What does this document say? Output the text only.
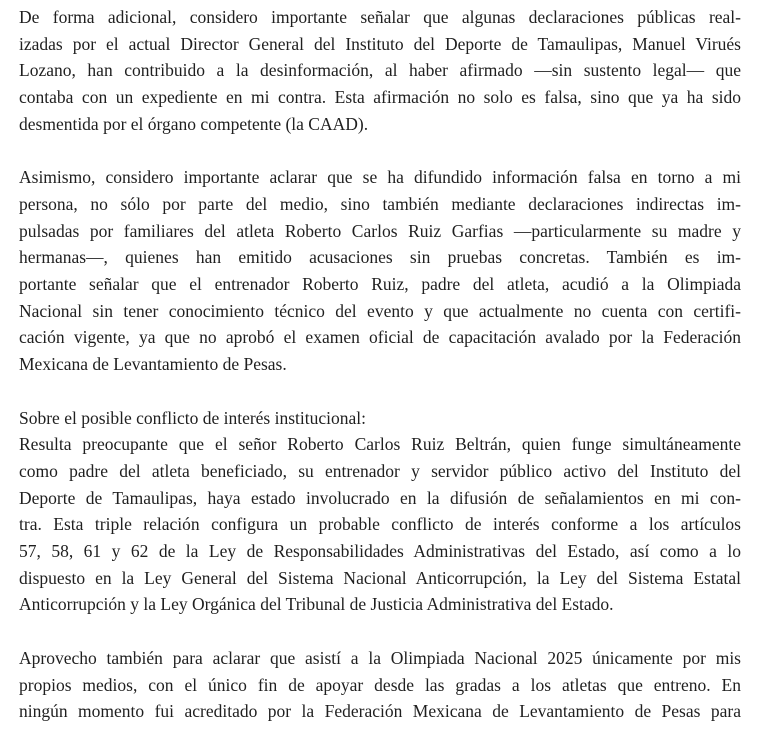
De forma adicional, considero importante señalar que algunas declaraciones públicas real-
izadas por el actual Director General del Instituto del Deporte de Tamaulipas, Manuel Virués
Lozano, han contribuido a la desinformación, al haber afirmado —sin sustento legal— que
contaba con un expediente en mi contra. Esta afirmación no solo es falsa, sino que ya ha sido
desmentida por el órgano competente (la CAAD).
Asimismo, considero importante aclarar que se ha difundido información falsa en torno a mi
persona, no sólo por parte del medio, sino también mediante declaraciones indirectas im-
pulsadas por familiares del atleta Roberto Carlos Ruiz Garfias —particularmente su madre y
hermanas—, quienes han emitido acusaciones sin pruebas concretas. También es im-
portante señalar que el entrenador Roberto Ruiz, padre del atleta, acudió a la Olimpiada
Nacional sin tener conocimiento técnico del evento y que actualmente no cuenta con certifi-
cación vigente, ya que no aprobó el examen oficial de capacitación avalado por la Federación
Mexicana de Levantamiento de Pesas.
Sobre el posible conflicto de interés institucional:
Resulta preocupante que el señor Roberto Carlos Ruiz Beltrán, quien funge simultáneamente
como padre del atleta beneficiado, su entrenador y servidor público activo del Instituto del
Deporte de Tamaulipas, haya estado involucrado en la difusión de señalamientos en mi con-
tra. Esta triple relación configura un probable conflicto de interés conforme a los artículos
57, 58, 61 y 62 de la Ley de Responsabilidades Administrativas del Estado, así como a lo
dispuesto en la Ley General del Sistema Nacional Anticorrupción, la Ley del Sistema Estatal
Anticorrupción y la Ley Orgánica del Tribunal de Justicia Administrativa del Estado.
Aprovecho también para aclarar que asistí a la Olimpiada Nacional 2025 únicamente por mis
propios medios, con el único fin de apoyar desde las gradas a los atletas que entreno. En
ningún momento fui acreditado por la Federación Mexicana de Levantamiento de Pesas para
